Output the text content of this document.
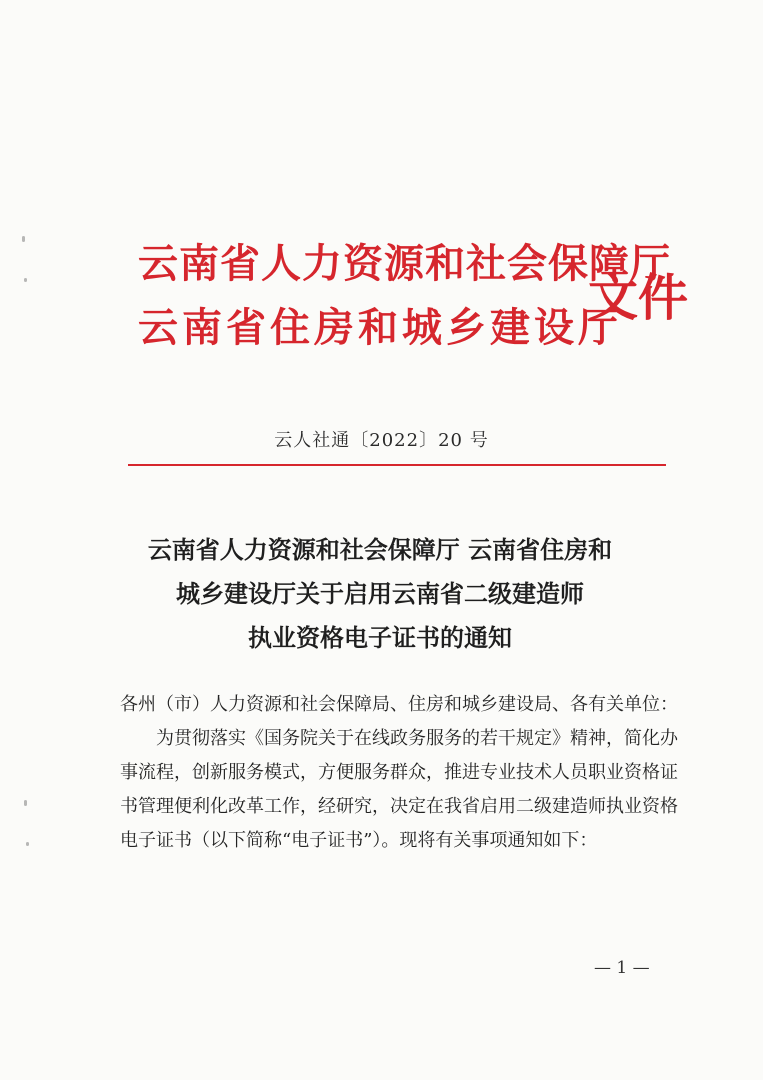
云南省人力资源和社会保障厅
云南省住房和城乡建设厅
文件
云人社通〔2022〕20 号
云南省人力资源和社会保障厅 云南省住房和
城乡建设厅关于启用云南省二级建造师
执业资格电子证书的通知

各州（市）人力资源和社会保障局、住房和城乡建设局、各有关单位：

为贯彻落实《国务院关于在线政务服务的若干规定》精神，简化办事流程，创新服务模式，方便服务群众，推进专业技术人员职业资格证书管理便利化改革工作，经研究，决定在我省启用二级建造师执业资格电子证书（以下简称“电子证书”）。现将有关事项通知如下：

— 1 —
